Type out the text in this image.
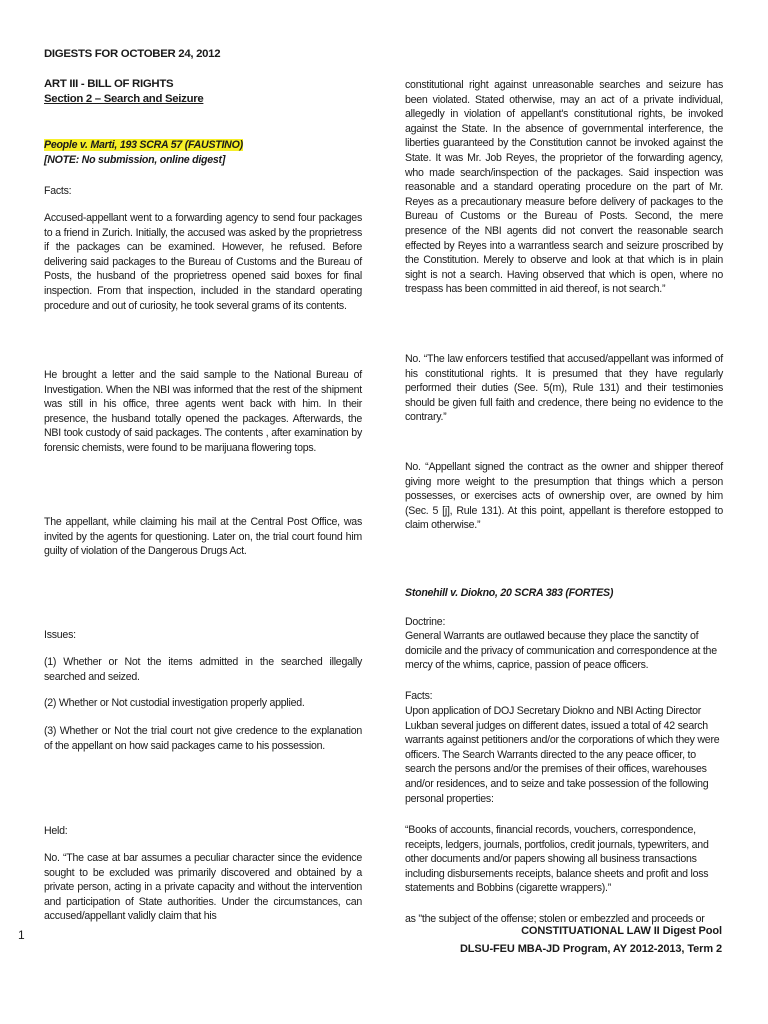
DIGESTS FOR OCTOBER 24, 2012
ART III - BILL OF RIGHTS
Section 2 – Search and Seizure
People v. Marti, 193 SCRA 57 (FAUSTINO)
[NOTE: No submission, online digest]
Facts:
Accused-appellant went to a forwarding agency to send four packages to a friend in Zurich. Initially, the accused was asked by the proprietress if the packages can be examined. However, he refused. Before delivering said packages to the Bureau of Customs and the Bureau of Posts, the husband of the proprietress opened said boxes for final inspection. From that inspection, included in the standard operating procedure and out of curiosity, he took several grams of its contents.
He brought a letter and the said sample to the National Bureau of Investigation. When the NBI was informed that the rest of the shipment was still in his office, three agents went back with him. In their presence, the husband totally opened the packages. Afterwards, the NBI took custody of said packages. The contents , after examination by forensic chemists, were found to be marijuana flowering tops.
The appellant, while claiming his mail at the Central Post Office, was invited by the agents for questioning. Later on, the trial court found him guilty of violation of the Dangerous Drugs Act.
Issues:
(1) Whether or Not the items admitted in the searched illegally searched and seized.
(2) Whether or Not custodial investigation properly applied.
(3) Whether or Not the trial court not give credence to the explanation of the appellant on how said packages came to his possession.
Held:
No. “The case at bar assumes a peculiar character since the evidence sought to be excluded was primarily discovered and obtained by a private person, acting in a private capacity and without the intervention and participation of State authorities. Under the circumstances, can accused/appellant validly claim that his
constitutional right against unreasonable searches and seizure has been violated. Stated otherwise, may an act of a private individual, allegedly in violation of appellant's constitutional rights, be invoked against the State. In the absence of governmental interference, the liberties guaranteed by the Constitution cannot be invoked against the State. It was Mr. Job Reyes, the proprietor of the forwarding agency, who made search/inspection of the packages. Said inspection was reasonable and a standard operating procedure on the part of Mr. Reyes as a precautionary measure before delivery of packages to the Bureau of Customs or the Bureau of Posts. Second, the mere presence of the NBI agents did not convert the reasonable search effected by Reyes into a warrantless search and seizure proscribed by the Constitution. Merely to observe and look at that which is in plain sight is not a search. Having observed that which is open, where no trespass has been committed in aid thereof, is not search.”
No. “The law enforcers testified that accused/appellant was informed of his constitutional rights. It is presumed that they have regularly performed their duties (See. 5(m), Rule 131) and their testimonies should be given full faith and credence, there being no evidence to the contrary.”
No. “Appellant signed the contract as the owner and shipper thereof giving more weight to the presumption that things which a person possesses, or exercises acts of ownership over, are owned by him (Sec. 5 [j], Rule 131). At this point, appellant is therefore estopped to claim otherwise.”
Stonehill v. Diokno, 20 SCRA 383 (FORTES)
Doctrine:
General Warrants are outlawed because they place the sanctity of domicile and the privacy of communication and correspondence at the mercy of the whims, caprice, passion of peace officers.
Facts:
Upon application of DOJ Secretary Diokno and NBI Acting Director Lukban several judges on different dates, issued a total of 42 search warrants against petitioners and/or the corporations of which they were officers. The Search Warrants directed to the any peace officer, to search the persons and/or the premises of their offices, warehouses and/or residences, and to seize and take possession of the following personal properties:
“Books of accounts, financial records, vouchers, correspondence, receipts, ledgers, journals, portfolios, credit journals, typewriters, and other documents and/or papers showing all business transactions including disbursements receipts, balance sheets and profit and loss statements and Bobbins (cigarette wrappers).”
as "the subject of the offense; stolen or embezzled and proceeds or
1	CONSTITUATIONAL LAW II Digest Pool
DLSU-FEU MBA-JD Program, AY 2012-2013, Term 2
